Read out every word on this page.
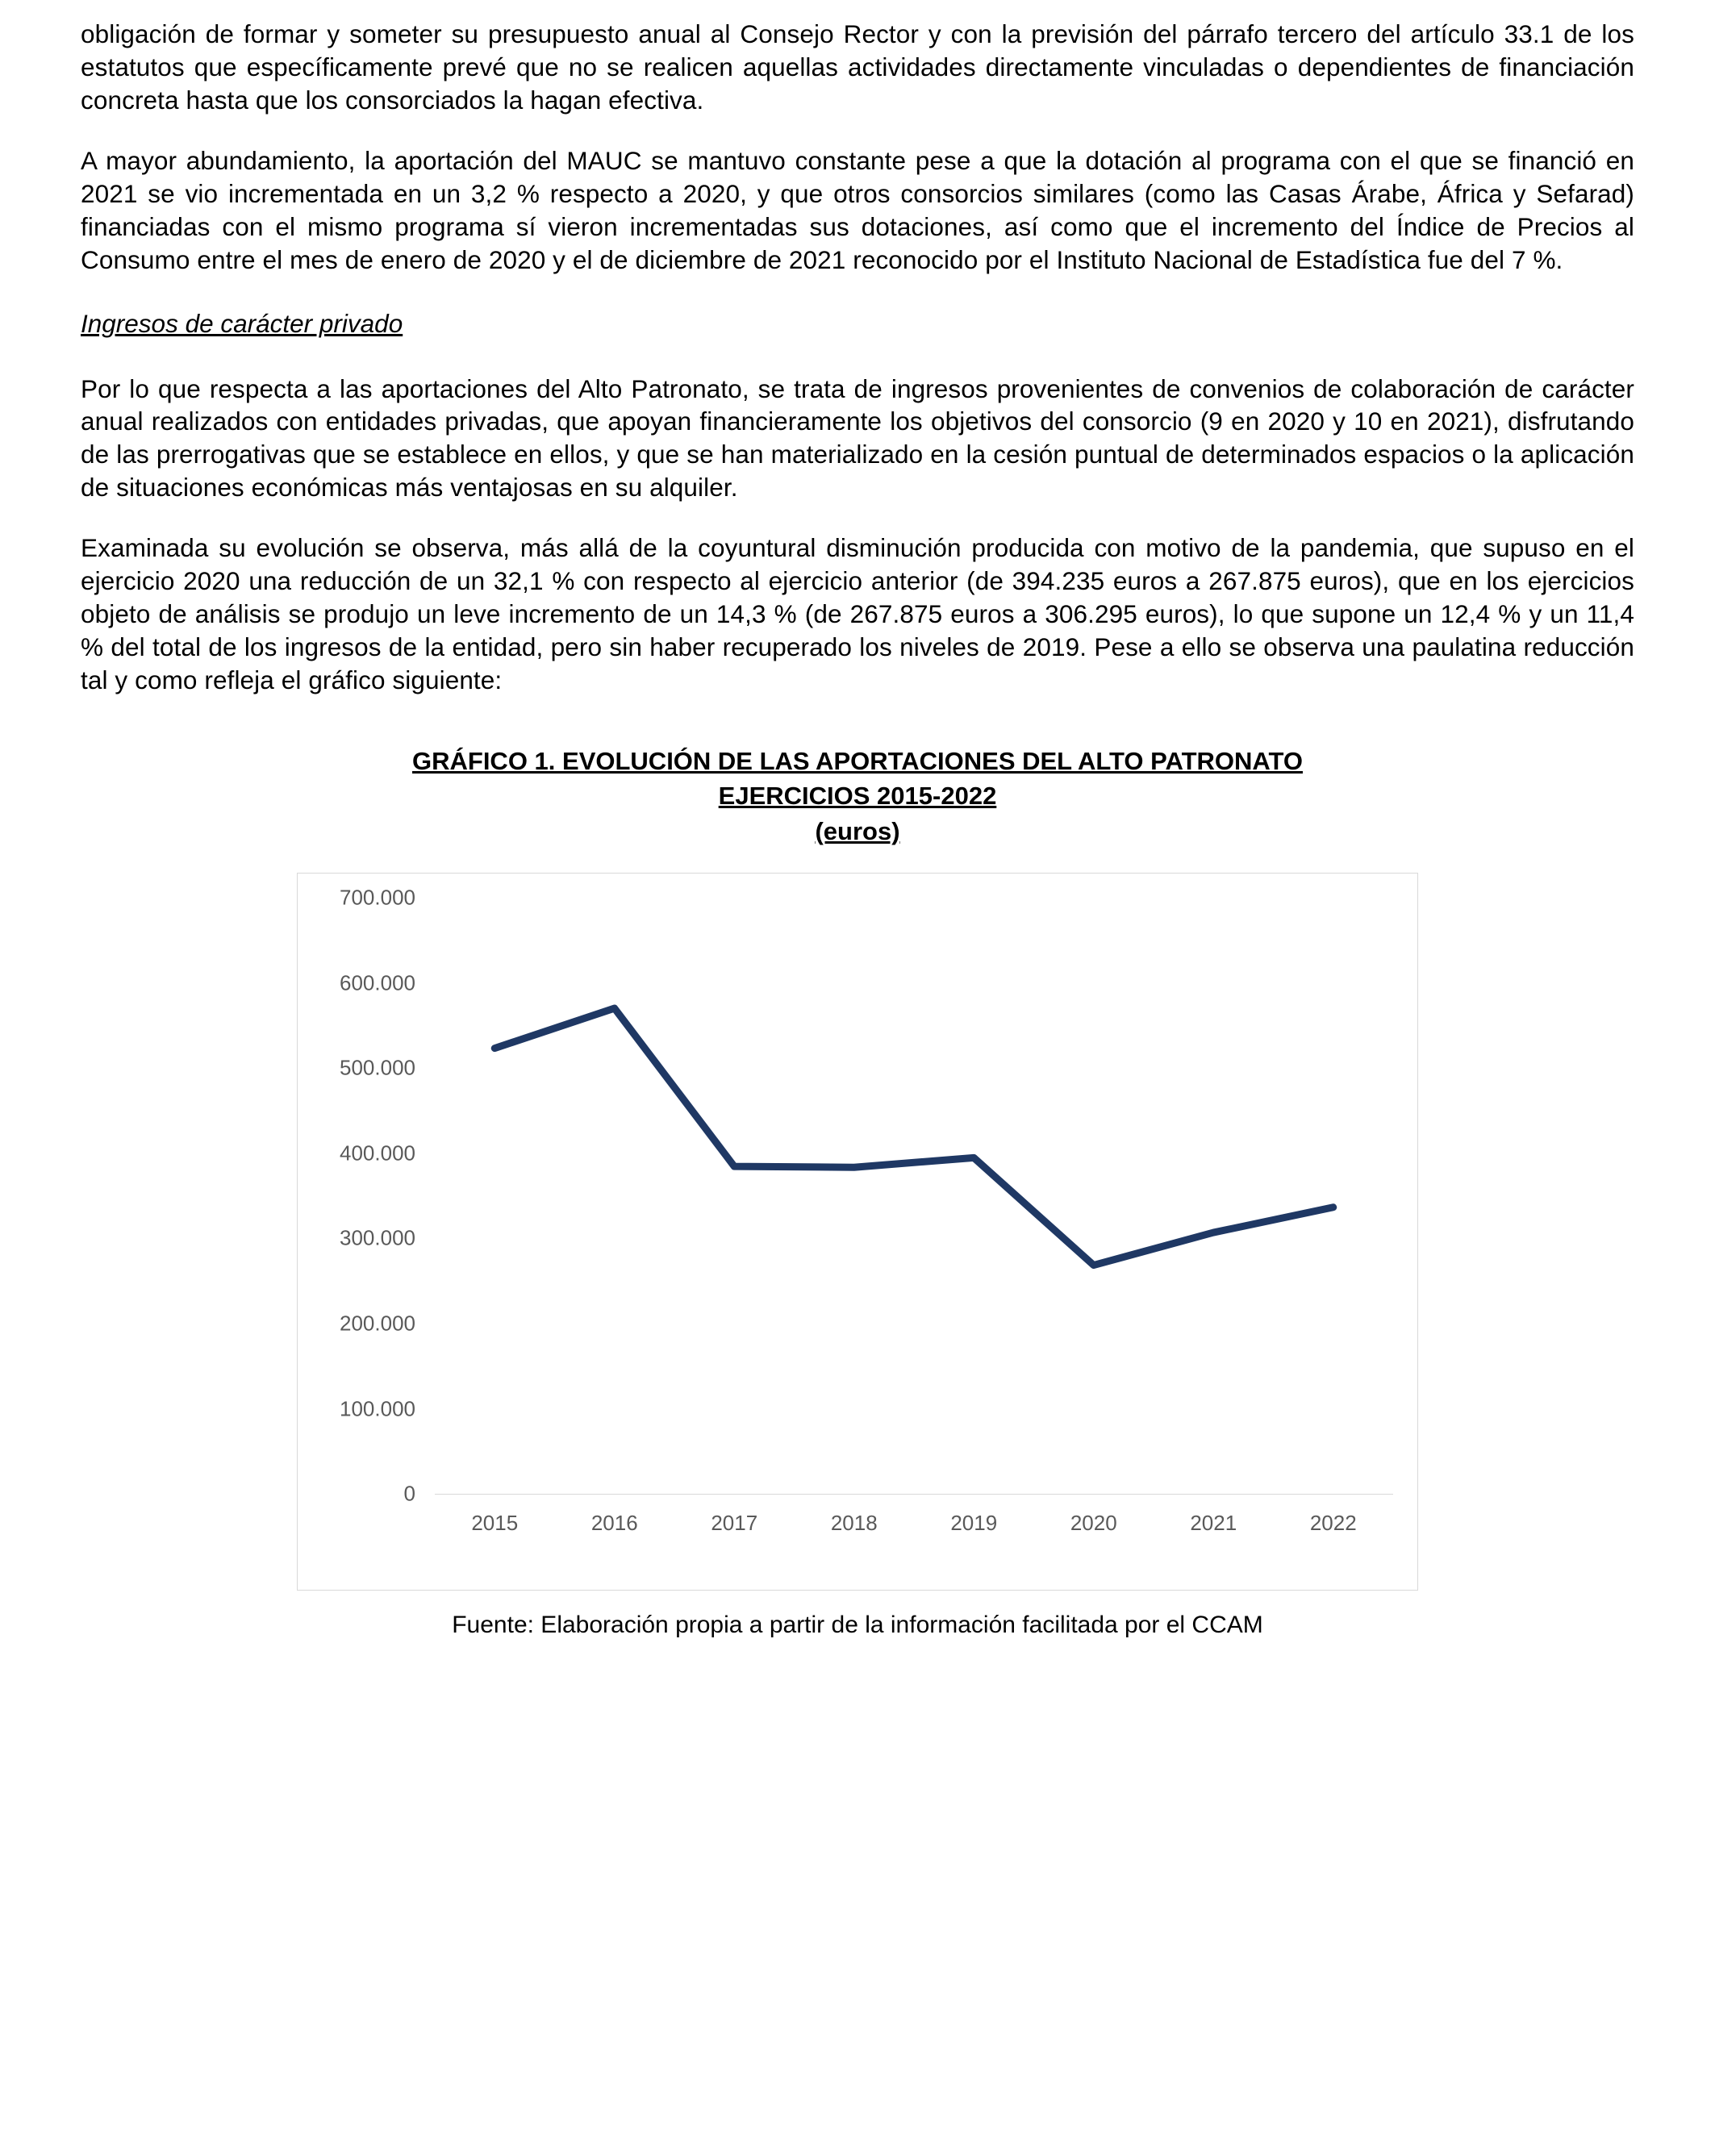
obligación de formar y someter su presupuesto anual al Consejo Rector y con la previsión del párrafo tercero del artículo 33.1 de los estatutos que específicamente prevé que no se realicen aquellas actividades directamente vinculadas o dependientes de financiación concreta hasta que los consorciados la hagan efectiva.

A mayor abundamiento, la aportación del MAUC se mantuvo constante pese a que la dotación al programa con el que se financió en 2021 se vio incrementada en un 3,2 % respecto a 2020, y que otros consorcios similares (como las Casas Árabe, África y Sefarad) financiadas con el mismo programa sí vieron incrementadas sus dotaciones, así como que el incremento del Índice de Precios al Consumo entre el mes de enero de 2020 y el de diciembre de 2021 reconocido por el Instituto Nacional de Estadística fue del 7 %.

Ingresos de carácter privado

Por lo que respecta a las aportaciones del Alto Patronato, se trata de ingresos provenientes de convenios de colaboración de carácter anual realizados con entidades privadas, que apoyan financieramente los objetivos del consorcio (9 en 2020 y 10 en 2021), disfrutando de las prerrogativas que se establece en ellos, y que se han materializado en la cesión puntual de determinados espacios o la aplicación de situaciones económicas más ventajosas en su alquiler.

Examinada su evolución se observa, más allá de la coyuntural disminución producida con motivo de la pandemia, que supuso en el ejercicio 2020 una reducción de un 32,1 % con respecto al ejercicio anterior (de 394.235 euros a 267.875 euros), que en los ejercicios objeto de análisis se produjo un leve incremento de un 14,3 % (de 267.875 euros a 306.295 euros), lo que supone un 12,4 % y un 11,4 % del total de los ingresos de la entidad, pero sin haber recuperado los niveles de 2019. Pese a ello se observa una paulatina reducción tal y como refleja el gráfico siguiente:

GRÁFICO 1. EVOLUCIÓN DE LAS APORTACIONES DEL ALTO PATRONATO
EJERCICIOS 2015-2022
(euros)
700.000
600.000
500.000
400.000
300.000
200.000
100.000
0
2015	2016	2017	2018	2019	2020	2021	2022
Fuente: Elaboración propia a partir de la información facilitada por el CCAM
